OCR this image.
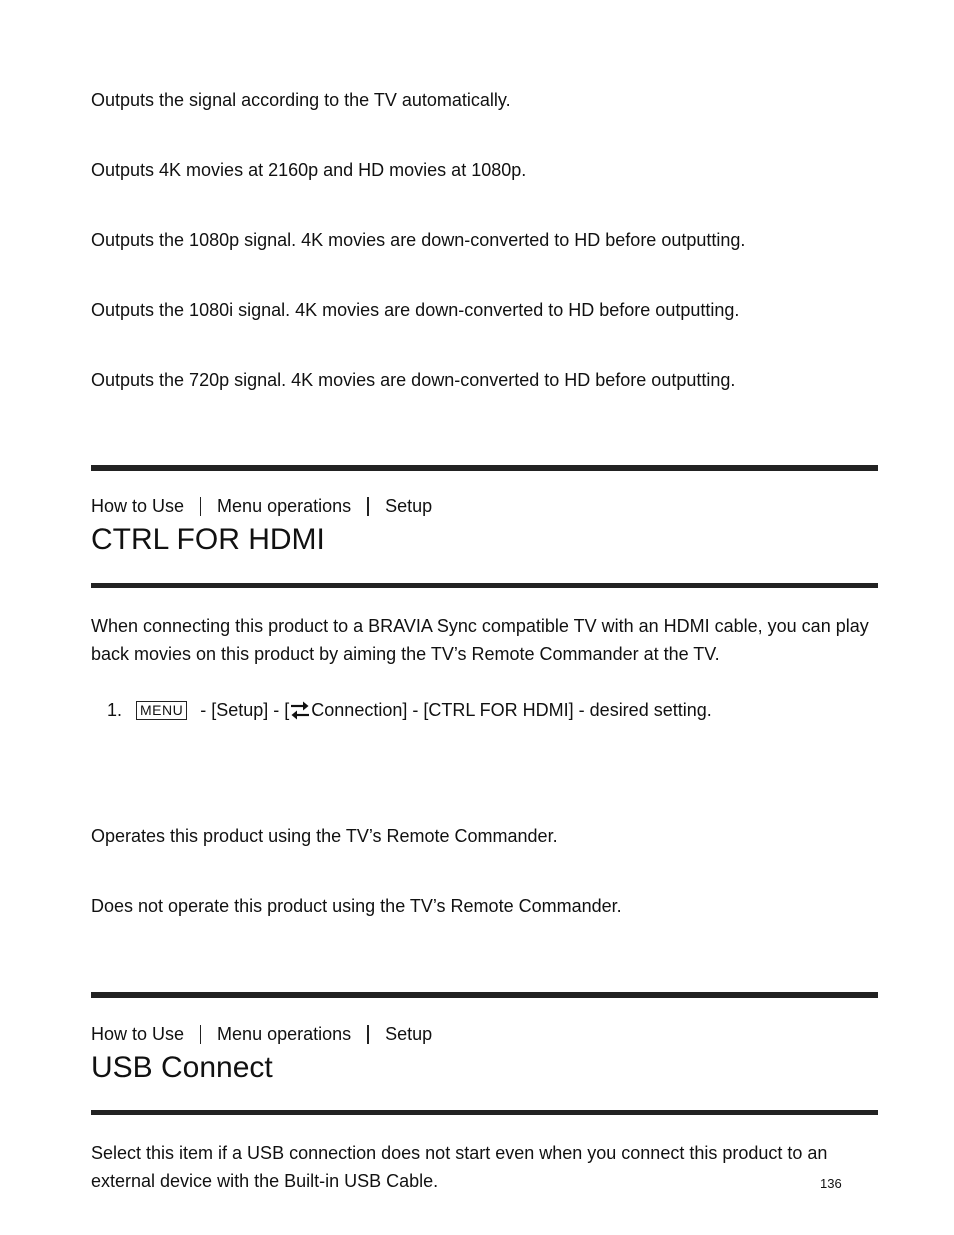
Outputs the signal according to the TV automatically.
Outputs 4K movies at 2160p and HD movies at 1080p.
Outputs the 1080p signal. 4K movies are down-converted to HD before outputting.
Outputs the 1080i signal. 4K movies are down-converted to HD before outputting.
Outputs the 720p signal. 4K movies are down-converted to HD before outputting.
How to Use Menu operations Setup
CTRL FOR HDMI
When connecting this product to a BRAVIA Sync compatible TV with an HDMI cable, you can play back movies on this product by aiming the TV’s Remote Commander at the TV.
1.	MENU - [Setup] - [ Connection] - [CTRL FOR HDMI] - desired setting.
Operates this product using the TV’s Remote Commander.
Does not operate this product using the TV’s Remote Commander.
How to Use Menu operations Setup
USB Connect
Select this item if a USB connection does not start even when you connect this product to an external device with the Built-in USB Cable.	136
